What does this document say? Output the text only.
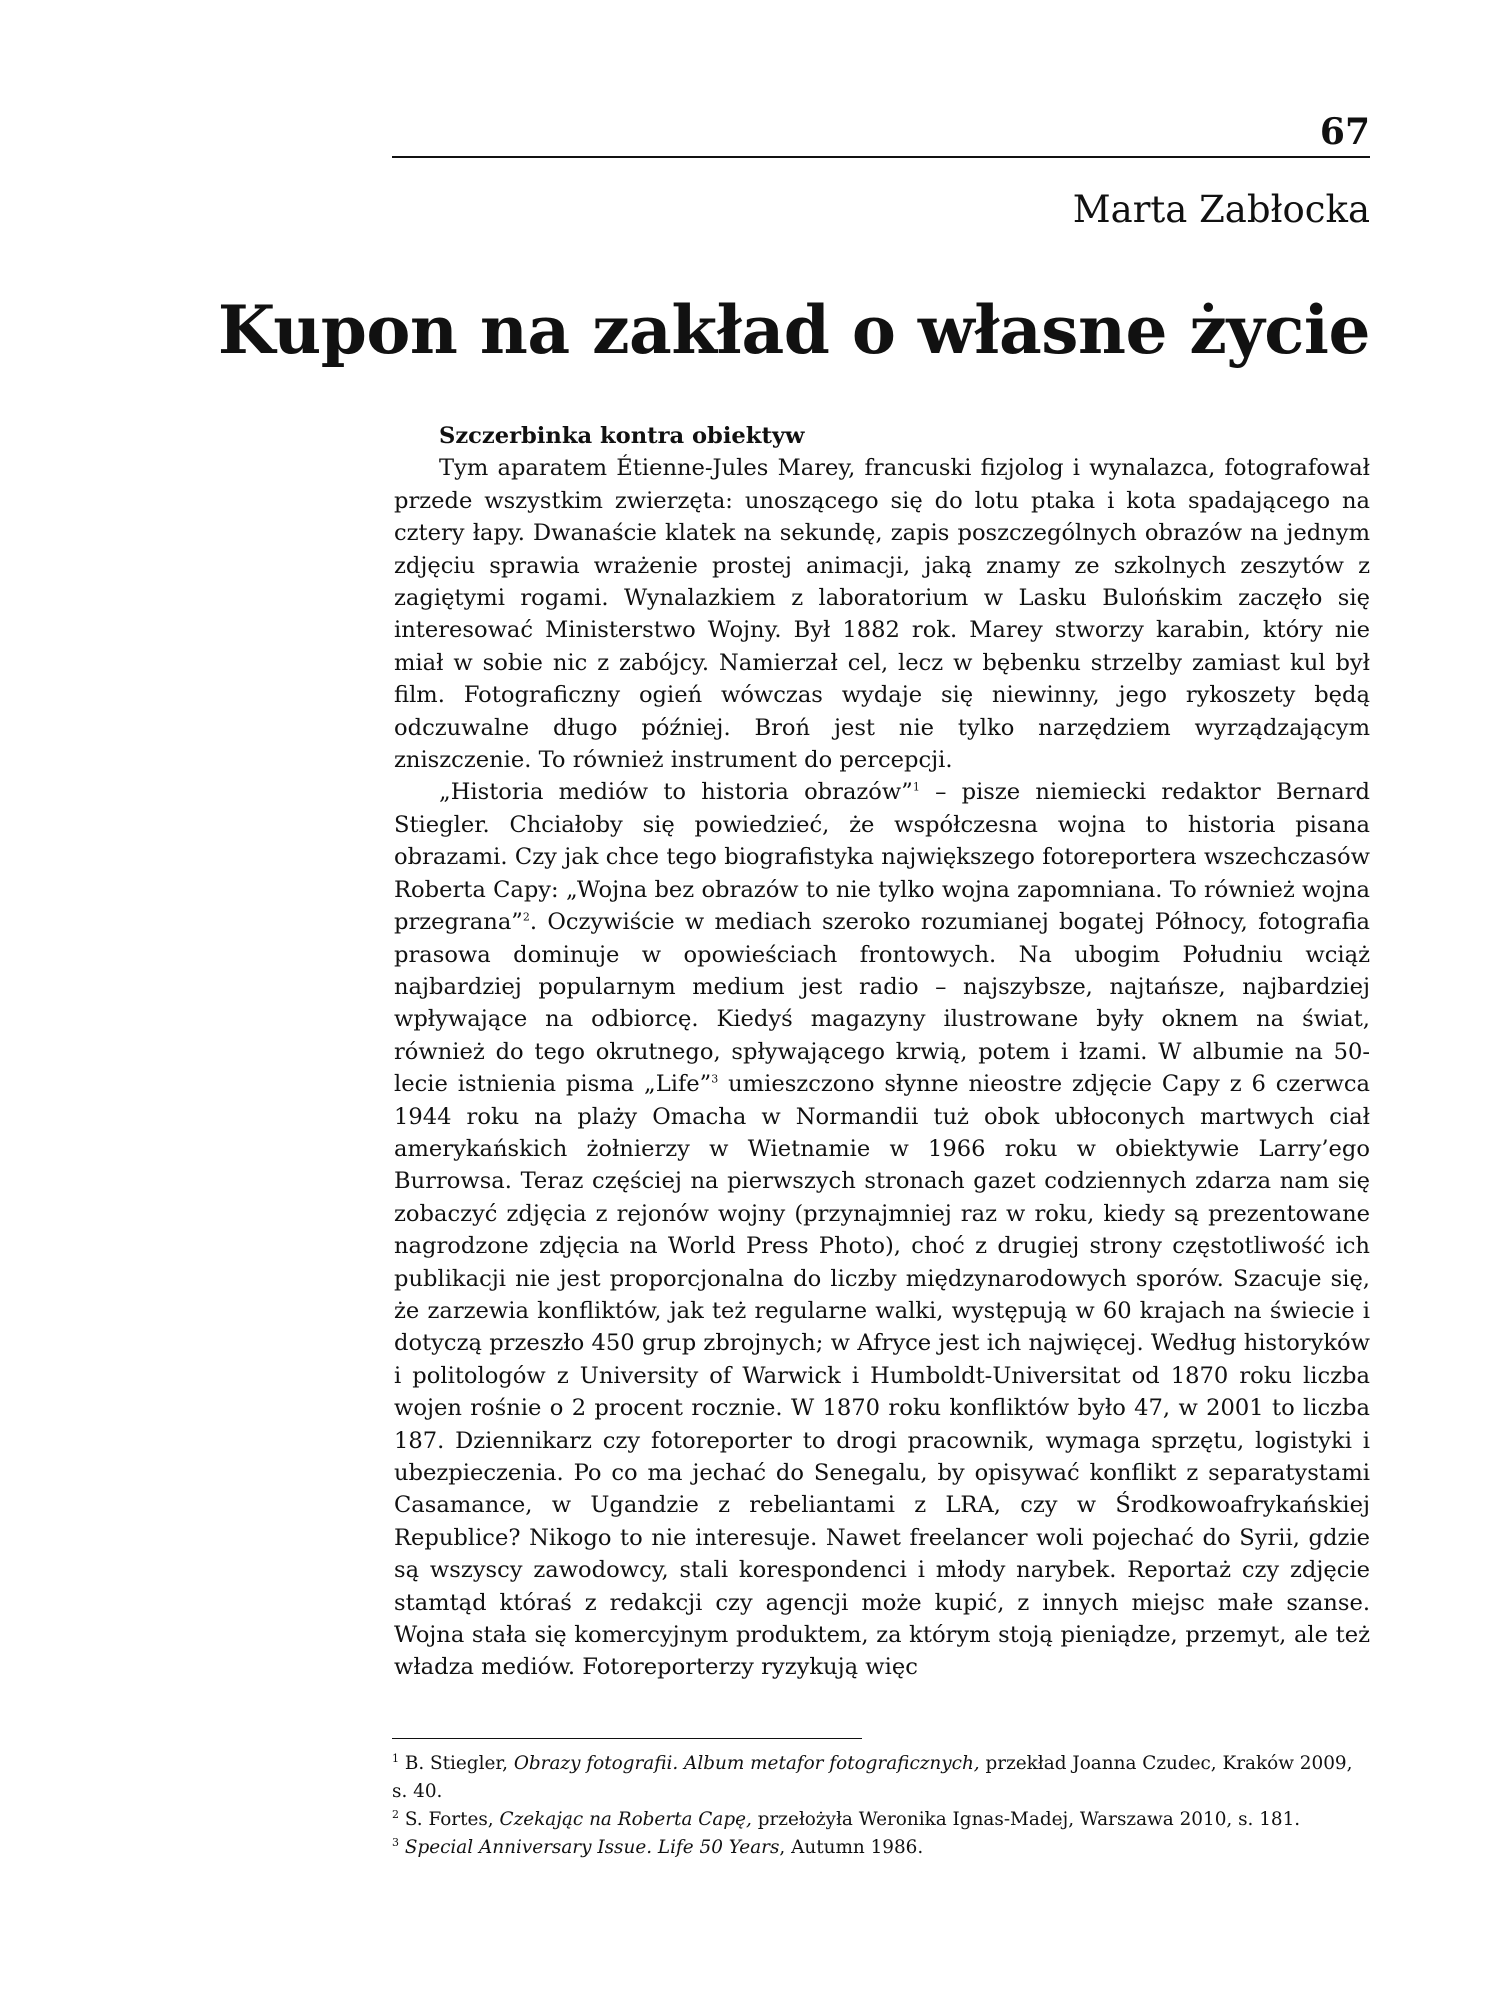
67
Marta Zabłocka
Kupon na zakład o własne życie

Szczerbinka kontra obiektyw

Tym aparatem Étienne-Jules Marey, francuski fizjolog i wynalazca, fotografował przede wszystkim zwierzęta: unoszącego się do lotu ptaka i kota spadającego na cztery łapy. Dwanaście klatek na sekundę, zapis poszczególnych obrazów na jednym zdjęciu sprawia wrażenie prostej animacji, jaką znamy ze szkolnych zeszytów z zagiętymi rogami. Wynalazkiem z laboratorium w Lasku Bulońskim zaczęło się interesować Ministerstwo Wojny. Był 1882 rok. Marey stworzy karabin, który nie miał w sobie nic z zabójcy. Namierzał cel, lecz w bębenku strzelby zamiast kul był film. Fotograficzny ogień wówczas wydaje się niewinny, jego rykoszety będą odczuwalne długo później. Broń jest nie tylko narzędziem wyrządzającym zniszczenie. To również instrument do percepcji.

„Historia mediów to historia obrazów”$^1$ – pisze niemiecki redaktor Bernard Stiegler. Chciałoby się powiedzieć, że współczesna wojna to historia pisana obrazami. Czy jak chce tego biografistyka największego fotoreportera wszechczasów Roberta Capy: „Wojna bez obrazów to nie tylko wojna zapomniana. To również wojna przegrana”$^2$. Oczywiście w mediach szeroko rozumianej bogatej Północy, fotografia prasowa dominuje w opowieściach frontowych. Na ubogim Południu wciąż najbardziej popularnym medium jest radio – najszybsze, najtańsze, najbardziej wpływające na odbiorcę. Kiedyś magazyny ilustrowane były oknem na świat, również do tego okrutnego, spływającego krwią, potem i łzami. W albumie na 50-lecie istnienia pisma „Life”$^3$ umieszczono słynne nieostre zdjęcie Capy z 6 czerwca 1944 roku na plaży Omacha w Normandii tuż obok ubłoconych martwych ciał amerykańskich żołnierzy w Wietnamie w 1966 roku w obiektywie Larry’ego Burrowsa. Teraz częściej na pierwszych stronach gazet codziennych zdarza nam się zobaczyć zdjęcia z rejonów wojny (przynajmniej raz w roku, kiedy są prezentowane nagrodzone zdjęcia na World Press Photo), choć z drugiej strony częstotliwość ich publikacji nie jest proporcjonalna do liczby międzynarodowych sporów. Szacuje się, że zarzewia konfliktów, jak też regularne walki, występują w 60 krajach na świecie i dotyczą przeszło 450 grup zbrojnych; w Afryce jest ich najwięcej. Według historyków i politologów z University of Warwick i Humboldt-Universitat od 1870 roku liczba wojen rośnie o 2 procent rocznie. W 1870 roku konfliktów było 47, w 2001 to liczba 187. Dziennikarz czy fotoreporter to drogi pracownik, wymaga sprzętu, logistyki i ubezpieczenia. Po co ma jechać do Senegalu, by opisywać konflikt z separatystami Casamance, w Ugandzie z rebeliantami z LRA, czy w Środkowoafrykańskiej Republice? Nikogo to nie interesuje. Nawet freelancer woli pojechać do Syrii, gdzie są wszyscy zawodowcy, stali korespondenci i młody narybek. Reportaż czy zdjęcie stamtąd któraś z redakcji czy agencji może kupić, z innych miejsc małe szanse. Wojna stała się komercyjnym produktem, za którym stoją pieniądze, przemyt, ale też władza mediów. Fotoreporterzy ryzykują więc

$^1$ B. Stiegler, Obrazy fotografii. Album metafor fotograficznych, przekład Joanna Czudec, Kraków 2009, s. 40.

$^2$ S. Fortes, Czekając na Roberta Capę, przełożyła Weronika Ignas-Madej, Warszawa 2010, s. 181.

$^3$ Special Anniversary Issue. Life 50 Years, Autumn 1986.
